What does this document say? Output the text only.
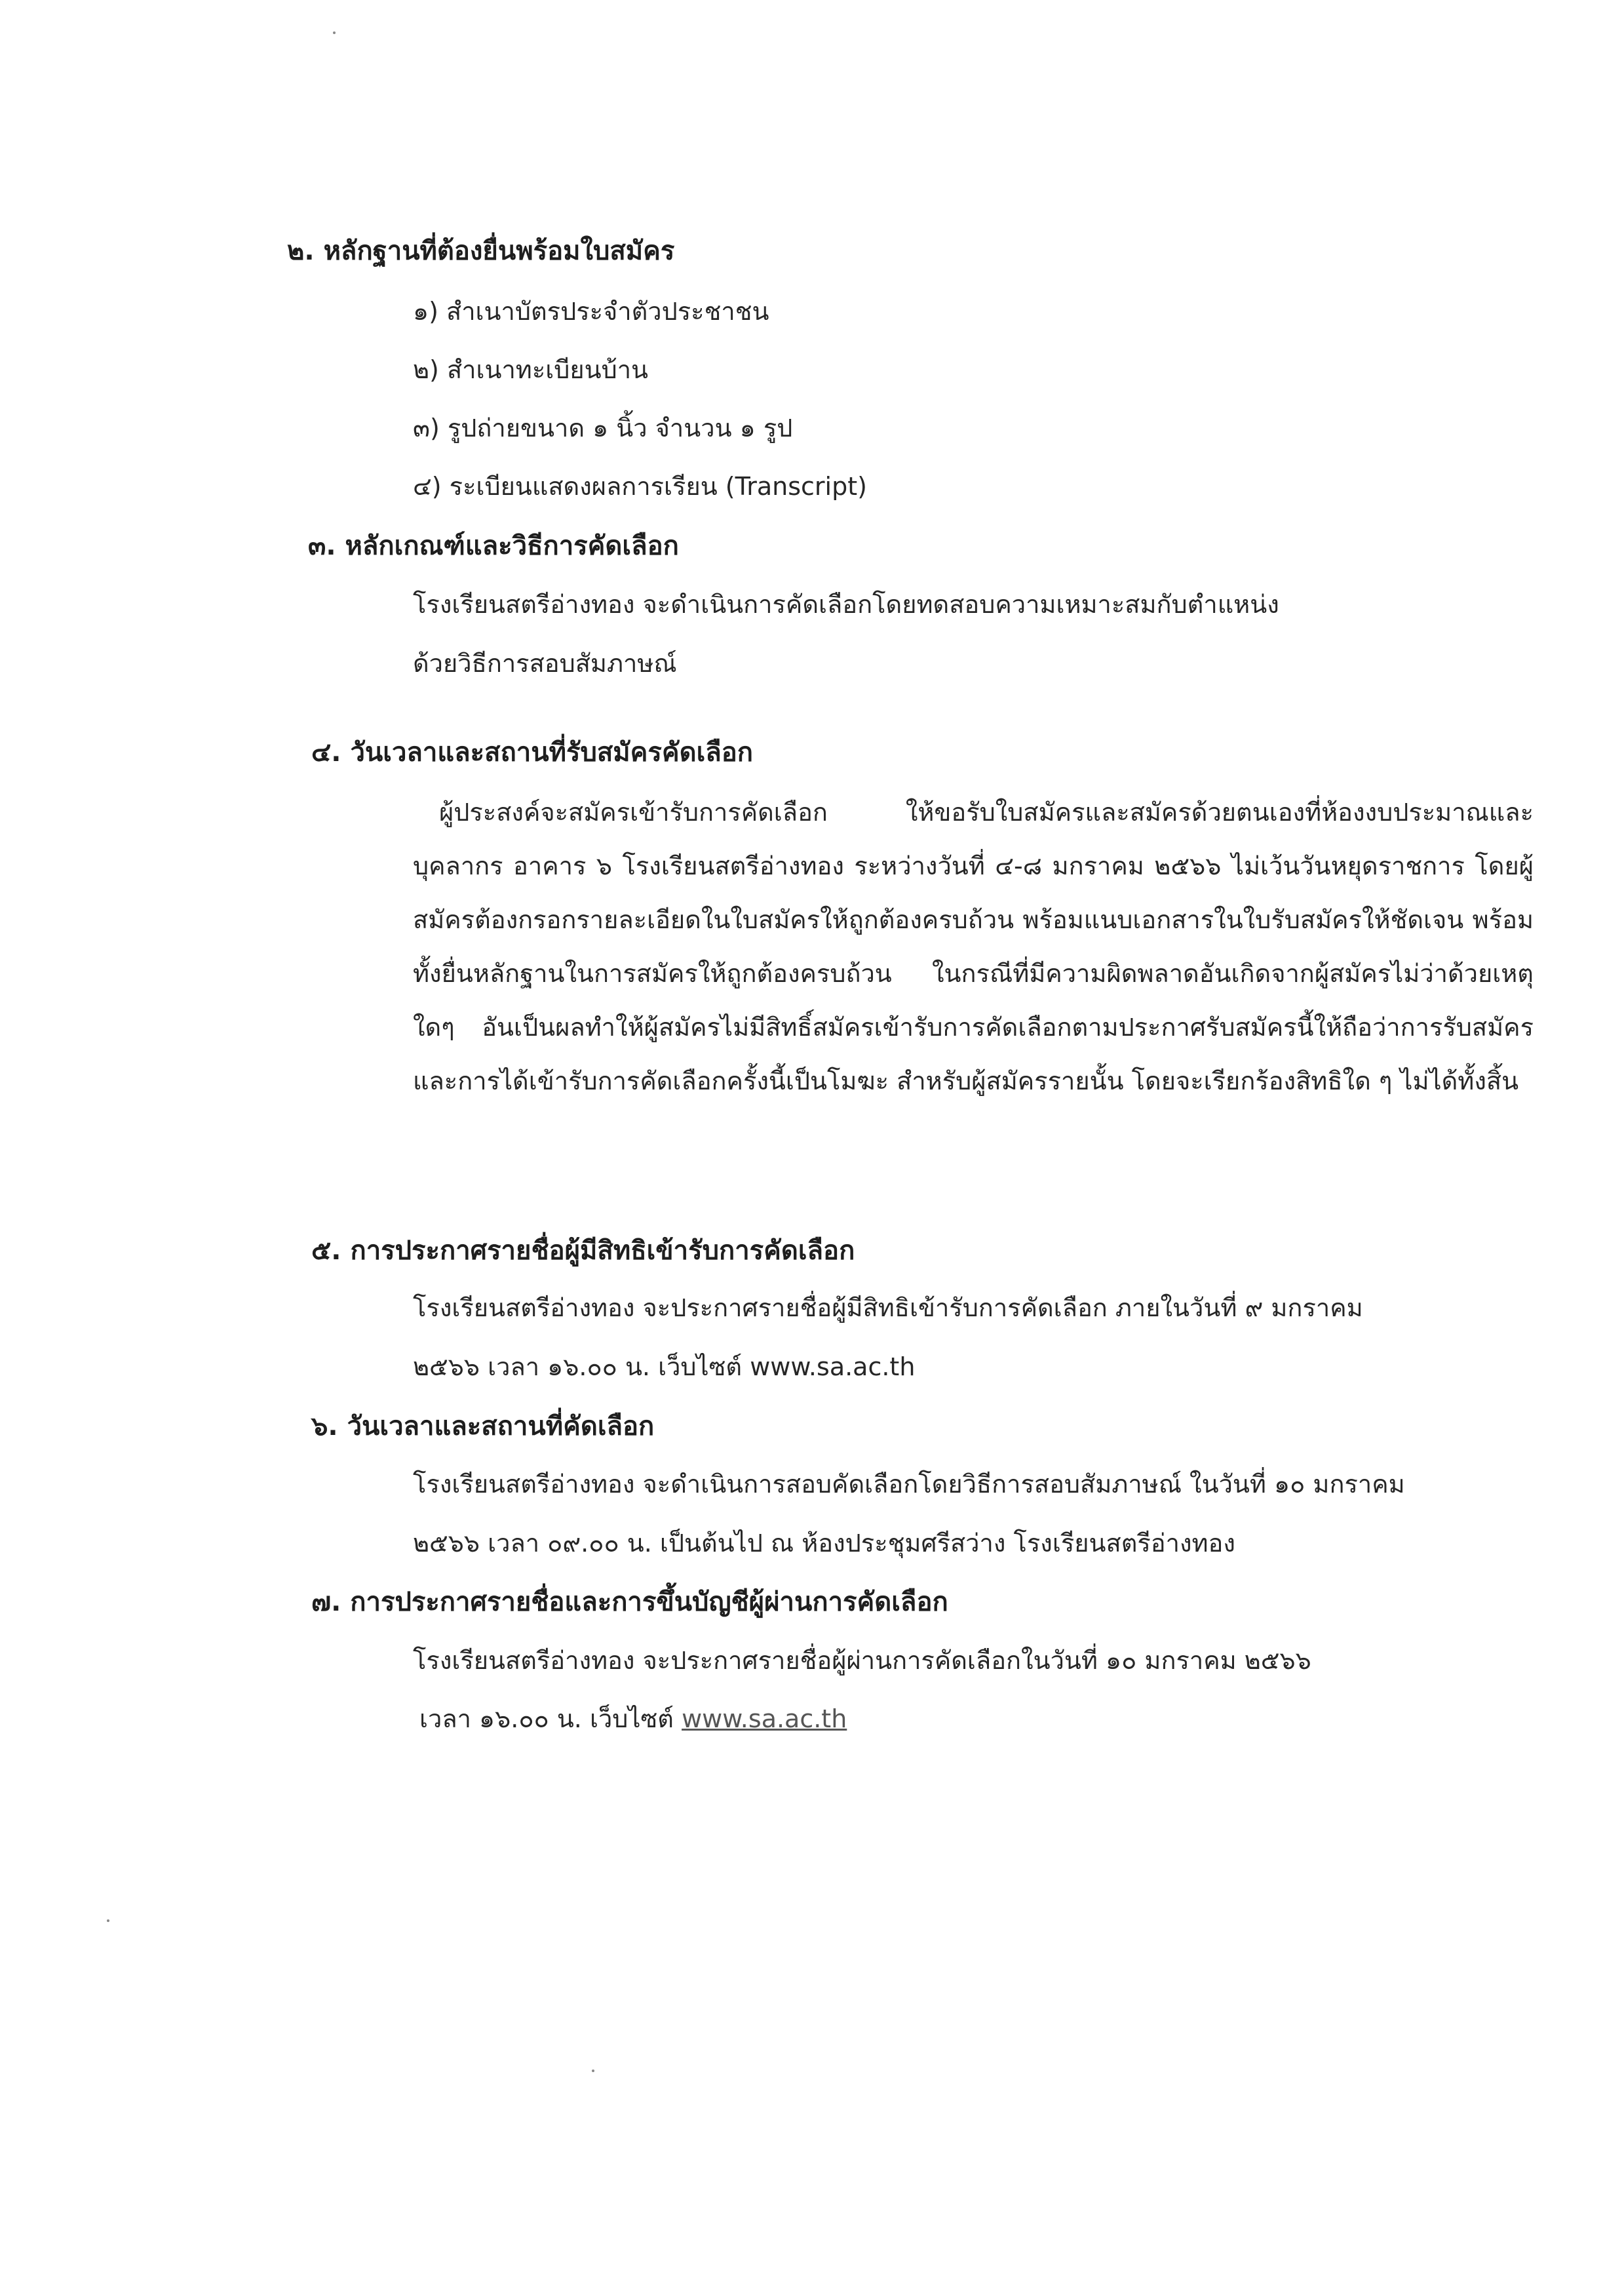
๒. หลักฐานที่ต้องยื่นพร้อมใบสมัคร
๑) สำเนาบัตรประจำตัวประชาชน
๒) สำเนาทะเบียนบ้าน
๓) รูปถ่ายขนาด ๑ นิ้ว จำนวน ๑ รูป
๔) ระเบียนแสดงผลการเรียน (Transcript)
๓. หลักเกณฑ์และวิธีการคัดเลือก
โรงเรียนสตรีอ่างทอง จะดำเนินการคัดเลือกโดยทดสอบความเหมาะสมกับตำแหน่ง
ด้วยวิธีการสอบสัมภาษณ์
๔. วันเวลาและสถานที่รับสมัครคัดเลือก
ผู้ประสงค์จะสมัครเข้ารับการคัดเลือก ให้ขอรับใบสมัครและสมัครด้วยตนเองที่ห้องงบประมาณและบุคลากร อาคาร ๖ โรงเรียนสตรีอ่างทอง ระหว่างวันที่ ๔-๘ มกราคม ๒๕๖๖ ไม่เว้นวันหยุดราชการ โดยผู้สมัครต้องกรอกรายละเอียดในใบสมัครให้ถูกต้องครบถ้วน พร้อมแนบเอกสารในใบรับสมัครให้ชัดเจน พร้อมทั้งยื่นหลักฐานในการสมัครให้ถูกต้องครบถ้วน ในกรณีที่มีความผิดพลาดอันเกิดจากผู้สมัครไม่ว่าด้วยเหตุใดๆ อันเป็นผลทำให้ผู้สมัครไม่มีสิทธิ์สมัครเข้ารับการคัดเลือกตามประกาศรับสมัครนี้ให้ถือว่าการรับสมัครและการได้เข้ารับการคัดเลือกครั้งนี้เป็นโมฆะ สำหรับผู้สมัครรายนั้น โดยจะเรียกร้องสิทธิใด ๆ ไม่ได้ทั้งสิ้น
๕. การประกาศรายชื่อผู้มีสิทธิเข้ารับการคัดเลือก
โรงเรียนสตรีอ่างทอง จะประกาศรายชื่อผู้มีสิทธิเข้ารับการคัดเลือก ภายในวันที่ ๙ มกราคม
๒๕๖๖ เวลา ๑๖.๐๐ น. เว็บไซต์ www.sa.ac.th
๖. วันเวลาและสถานที่คัดเลือก
โรงเรียนสตรีอ่างทอง จะดำเนินการสอบคัดเลือกโดยวิธีการสอบสัมภาษณ์ ในวันที่ ๑๐ มกราคม
๒๕๖๖ เวลา ๐๙.๐๐ น. เป็นต้นไป ณ ห้องประชุมศรีสว่าง โรงเรียนสตรีอ่างทอง
๗. การประกาศรายชื่อและการขึ้นบัญชีผู้ผ่านการคัดเลือก
โรงเรียนสตรีอ่างทอง จะประกาศรายชื่อผู้ผ่านการคัดเลือกในวันที่ ๑๐ มกราคม ๒๕๖๖
เวลา ๑๖.๐๐ น. เว็บไซต์ www.sa.ac.th
